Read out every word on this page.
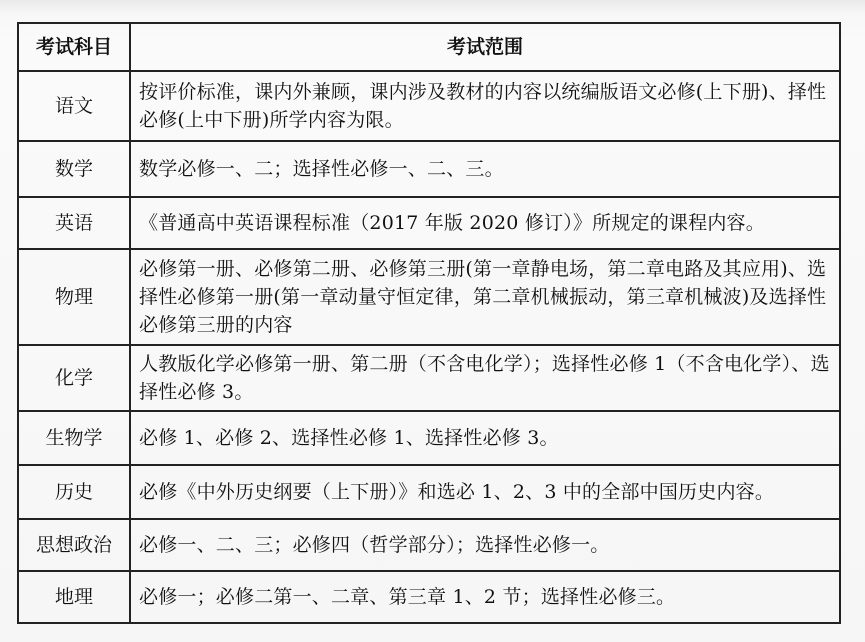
考试科目	考试范围
语文	按评价标准，课内外兼顾，课内涉及教材的内容以统编版语文必修(上下册)、择性必修(上中下册)所学内容为限。
数学	数学必修一、二；选择性必修一、二、三。
英语	《普通高中英语课程标准（2017 年版 2020 修订）》所规定的课程内容。
物理	必修第一册、必修第二册、必修第三册(第一章静电场，第二章电路及其应用)、选择性必修第一册(第一章动量守恒定律，第二章机械振动，第三章机械波)及选择性必修第三册的内容
化学	人教版化学必修第一册、第二册（不含电化学）；选择性必修 1（不含电化学）、选择性必修 3。
生物学	必修 1、必修 2、选择性必修 1、选择性必修 3。
历史	必修《中外历史纲要（上下册）》和选必 1、2、3 中的全部中国历史内容。
思想政治	必修一、二、三；必修四（哲学部分）；选择性必修一。
地理	必修一；必修二第一、二章、第三章 1、2 节；选择性必修三。
